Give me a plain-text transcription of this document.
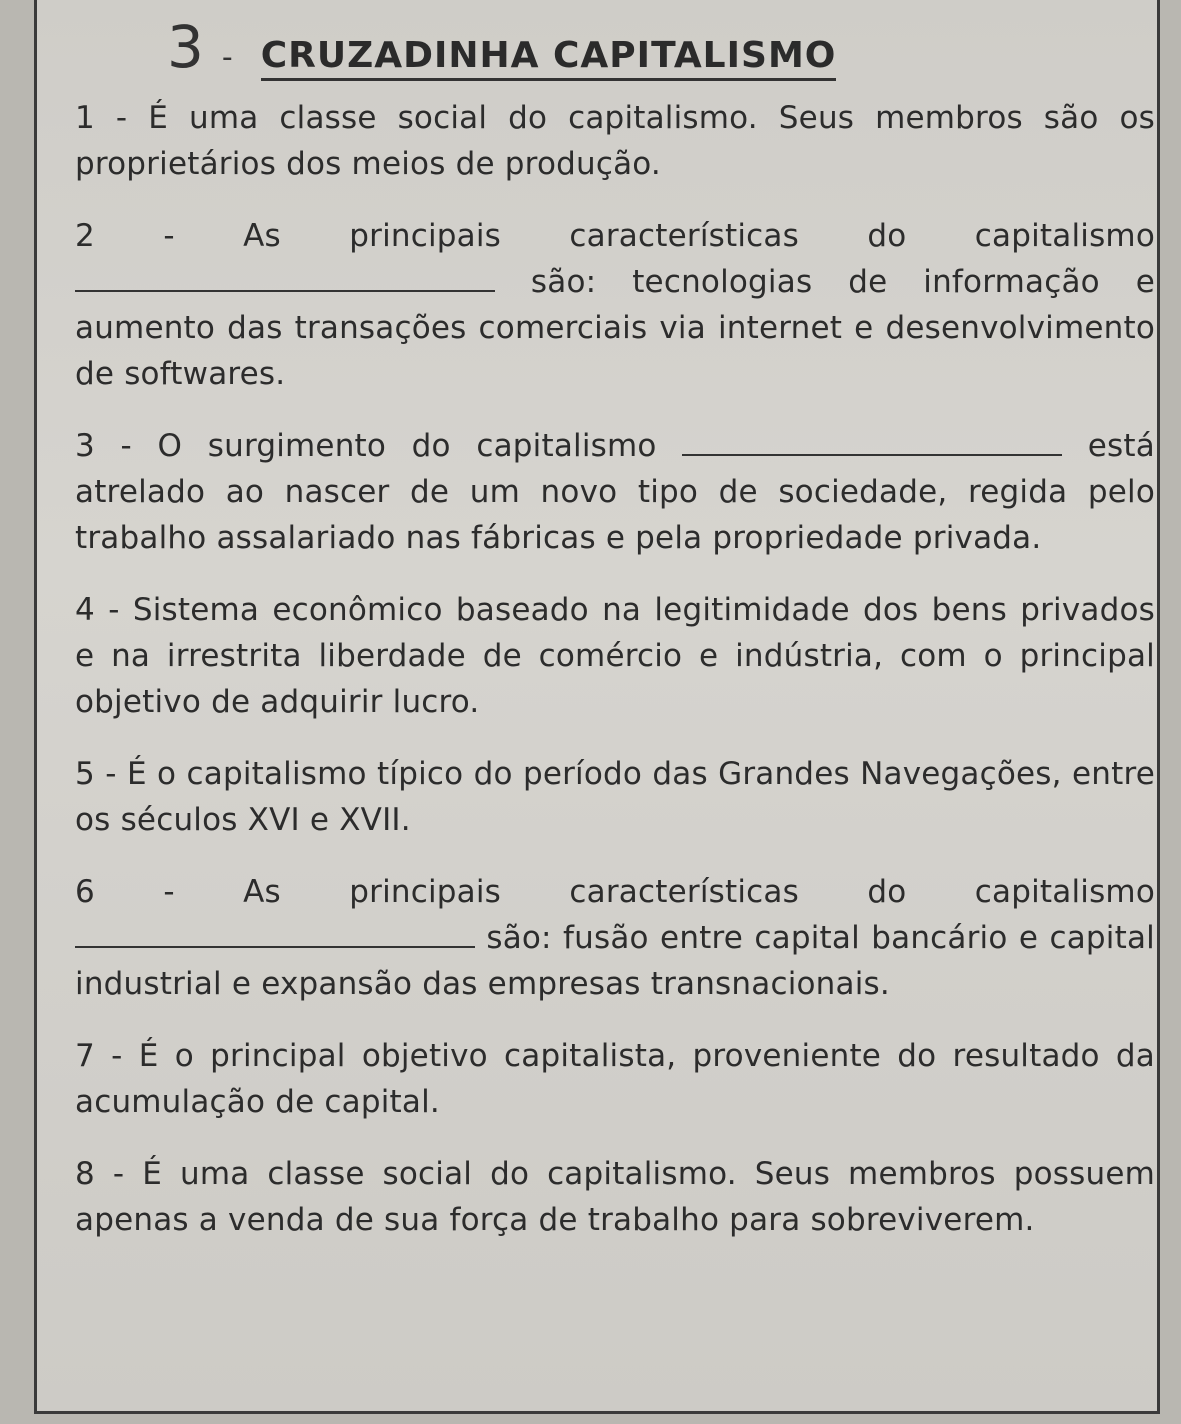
3 - CRUZADINHA CAPITALISMO

1 - É uma classe social do capitalismo. Seus membros são os proprietários dos meios de produção.

2 - As principais características do capitalismo  são: tecnologias de informação e aumento das transações comerciais via internet e desenvolvimento de softwares.

3 - O surgimento do capitalismo	está atrelado ao nascer de um novo tipo de sociedade, regida pelo trabalho assalariado nas fábricas e pela propriedade privada.

4 - Sistema econômico baseado na legitimidade dos bens privados e na irrestrita liberdade de comércio e indústria, com o principal objetivo de adquirir lucro.

5 - É o capitalismo típico do período das Grandes Navegações, entre os séculos XVI e XVII.

6 - As principais características do capitalismo  são: fusão entre capital bancário e capital industrial e expansão das empresas transnacionais.

7 - É o principal objetivo capitalista, proveniente do resultado da acumulação de capital.

8 - É uma classe social do capitalismo. Seus membros possuem apenas a venda de sua força de trabalho para sobreviverem.
